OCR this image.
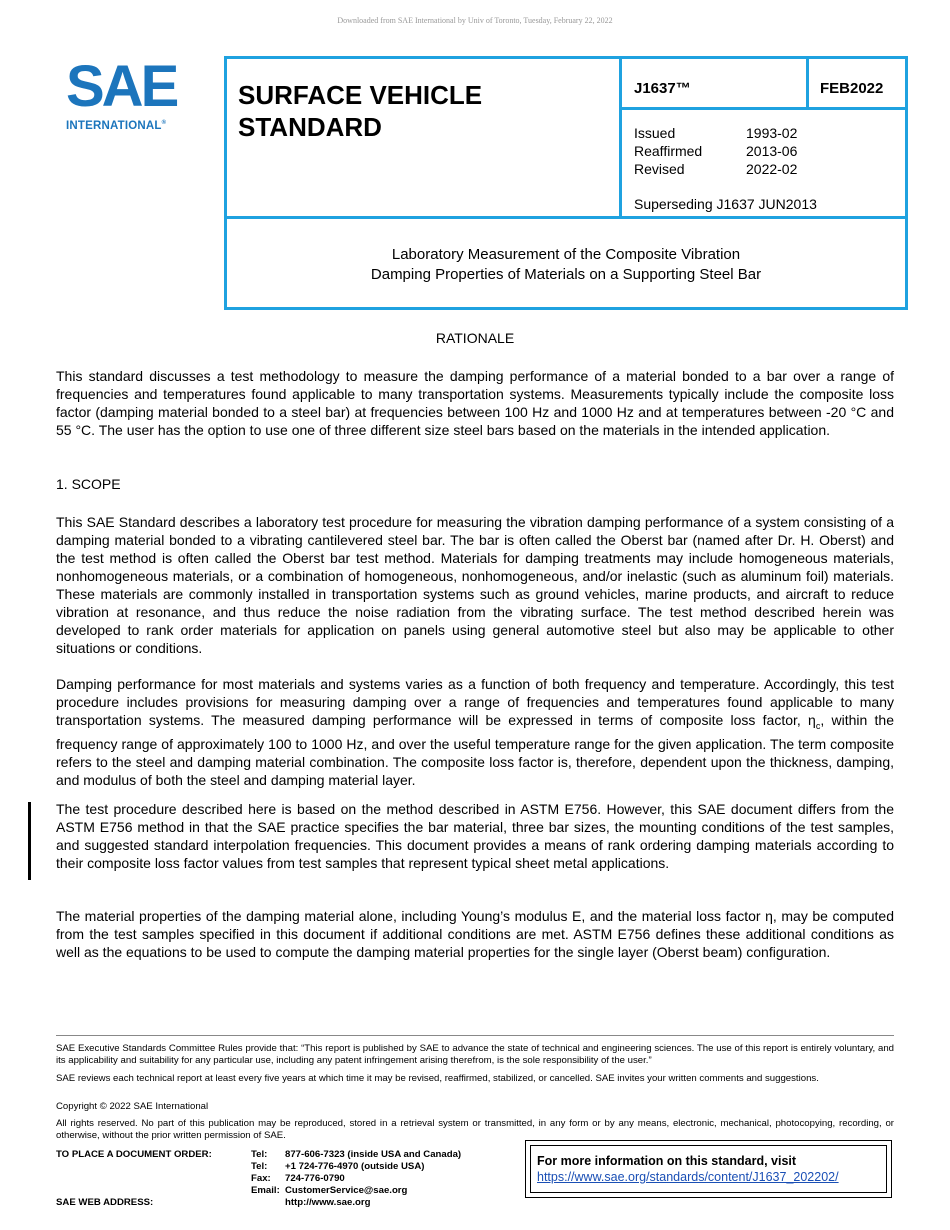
Downloaded from SAE International by Univ of Toronto, Tuesday, February 22, 2022
SAE
INTERNATIONAL®
SURFACE VEHICLE
STANDARD
J1637™	FEB2022
Issued	1993-02
Reaffirmed	2013-06
Revised	2022-02
Superseding J1637 JUN2013
Laboratory Measurement of the Composite Vibration
Damping Properties of Materials on a Supporting Steel Bar
RATIONALE
This standard discusses a test methodology to measure the damping performance of a material bonded to a bar over a range of frequencies and temperatures found applicable to many transportation systems. Measurements typically include the composite loss factor (damping material bonded to a steel bar) at frequencies between 100 Hz and 1000 Hz and at temperatures between -20 °C and 55 °C. The user has the option to use one of three different size steel bars based on the materials in the intended application.
1. SCOPE
This SAE Standard describes a laboratory test procedure for measuring the vibration damping performance of a system consisting of a damping material bonded to a vibrating cantilevered steel bar. The bar is often called the Oberst bar (named after Dr. H. Oberst) and the test method is often called the Oberst bar test method. Materials for damping treatments may include homogeneous materials, nonhomogeneous materials, or a combination of homogeneous, nonhomogeneous, and/or inelastic (such as aluminum foil) materials. These materials are commonly installed in transportation systems such as ground vehicles, marine products, and aircraft to reduce vibration at resonance, and thus reduce the noise radiation from the vibrating surface. The test method described herein was developed to rank order materials for application on panels using general automotive steel but also may be applicable to other situations or conditions.
Damping performance for most materials and systems varies as a function of both frequency and temperature. Accordingly, this test procedure includes provisions for measuring damping over a range of frequencies and temperatures found applicable to many transportation systems. The measured damping performance will be expressed in terms of composite loss factor, $\eta_c$, within the frequency range of approximately 100 to 1000 Hz, and over the useful temperature range for the given application. The term composite refers to the steel and damping material combination. The composite loss factor is, therefore, dependent upon the thickness, damping, and modulus of both the steel and damping material layer.
The test procedure described here is based on the method described in ASTM E756. However, this SAE document differs from the ASTM E756 method in that the SAE practice specifies the bar material, three bar sizes, the mounting conditions of the test samples, and suggested standard interpolation frequencies. This document provides a means of rank ordering damping materials according to their composite loss factor values from test samples that represent typical sheet metal applications.
The material properties of the damping material alone, including Young’s modulus E, and the material loss factor η, may be computed from the test samples specified in this document if additional conditions are met. ASTM E756 defines these additional conditions as well as the equations to be used to compute the damping material properties for the single layer (Oberst beam) configuration.
SAE Executive Standards Committee Rules provide that: “This report is published by SAE to advance the state of technical and engineering sciences. The use of this report is entirely voluntary, and its applicability and suitability for any particular use, including any patent infringement arising therefrom, is the sole responsibility of the user.”
SAE reviews each technical report at least every five years at which time it may be revised, reaffirmed, stabilized, or cancelled. SAE invites your written comments and suggestions.
Copyright © 2022 SAE International
All rights reserved. No part of this publication may be reproduced, stored in a retrieval system or transmitted, in any form or by any means, electronic, mechanical, photocopying, recording, or otherwise, without the prior written permission of SAE.
TO PLACE A DOCUMENT ORDER:	Tel:	877-606-7323 (inside USA and Canada)
Tel:	+1 724-776-4970 (outside USA)
Fax:	724-776-0790
Email: CustomerService@sae.org
SAE WEB ADDRESS:	http://www.sae.org
For more information on this standard, visit
https://www.sae.org/standards/content/J1637_202202/
